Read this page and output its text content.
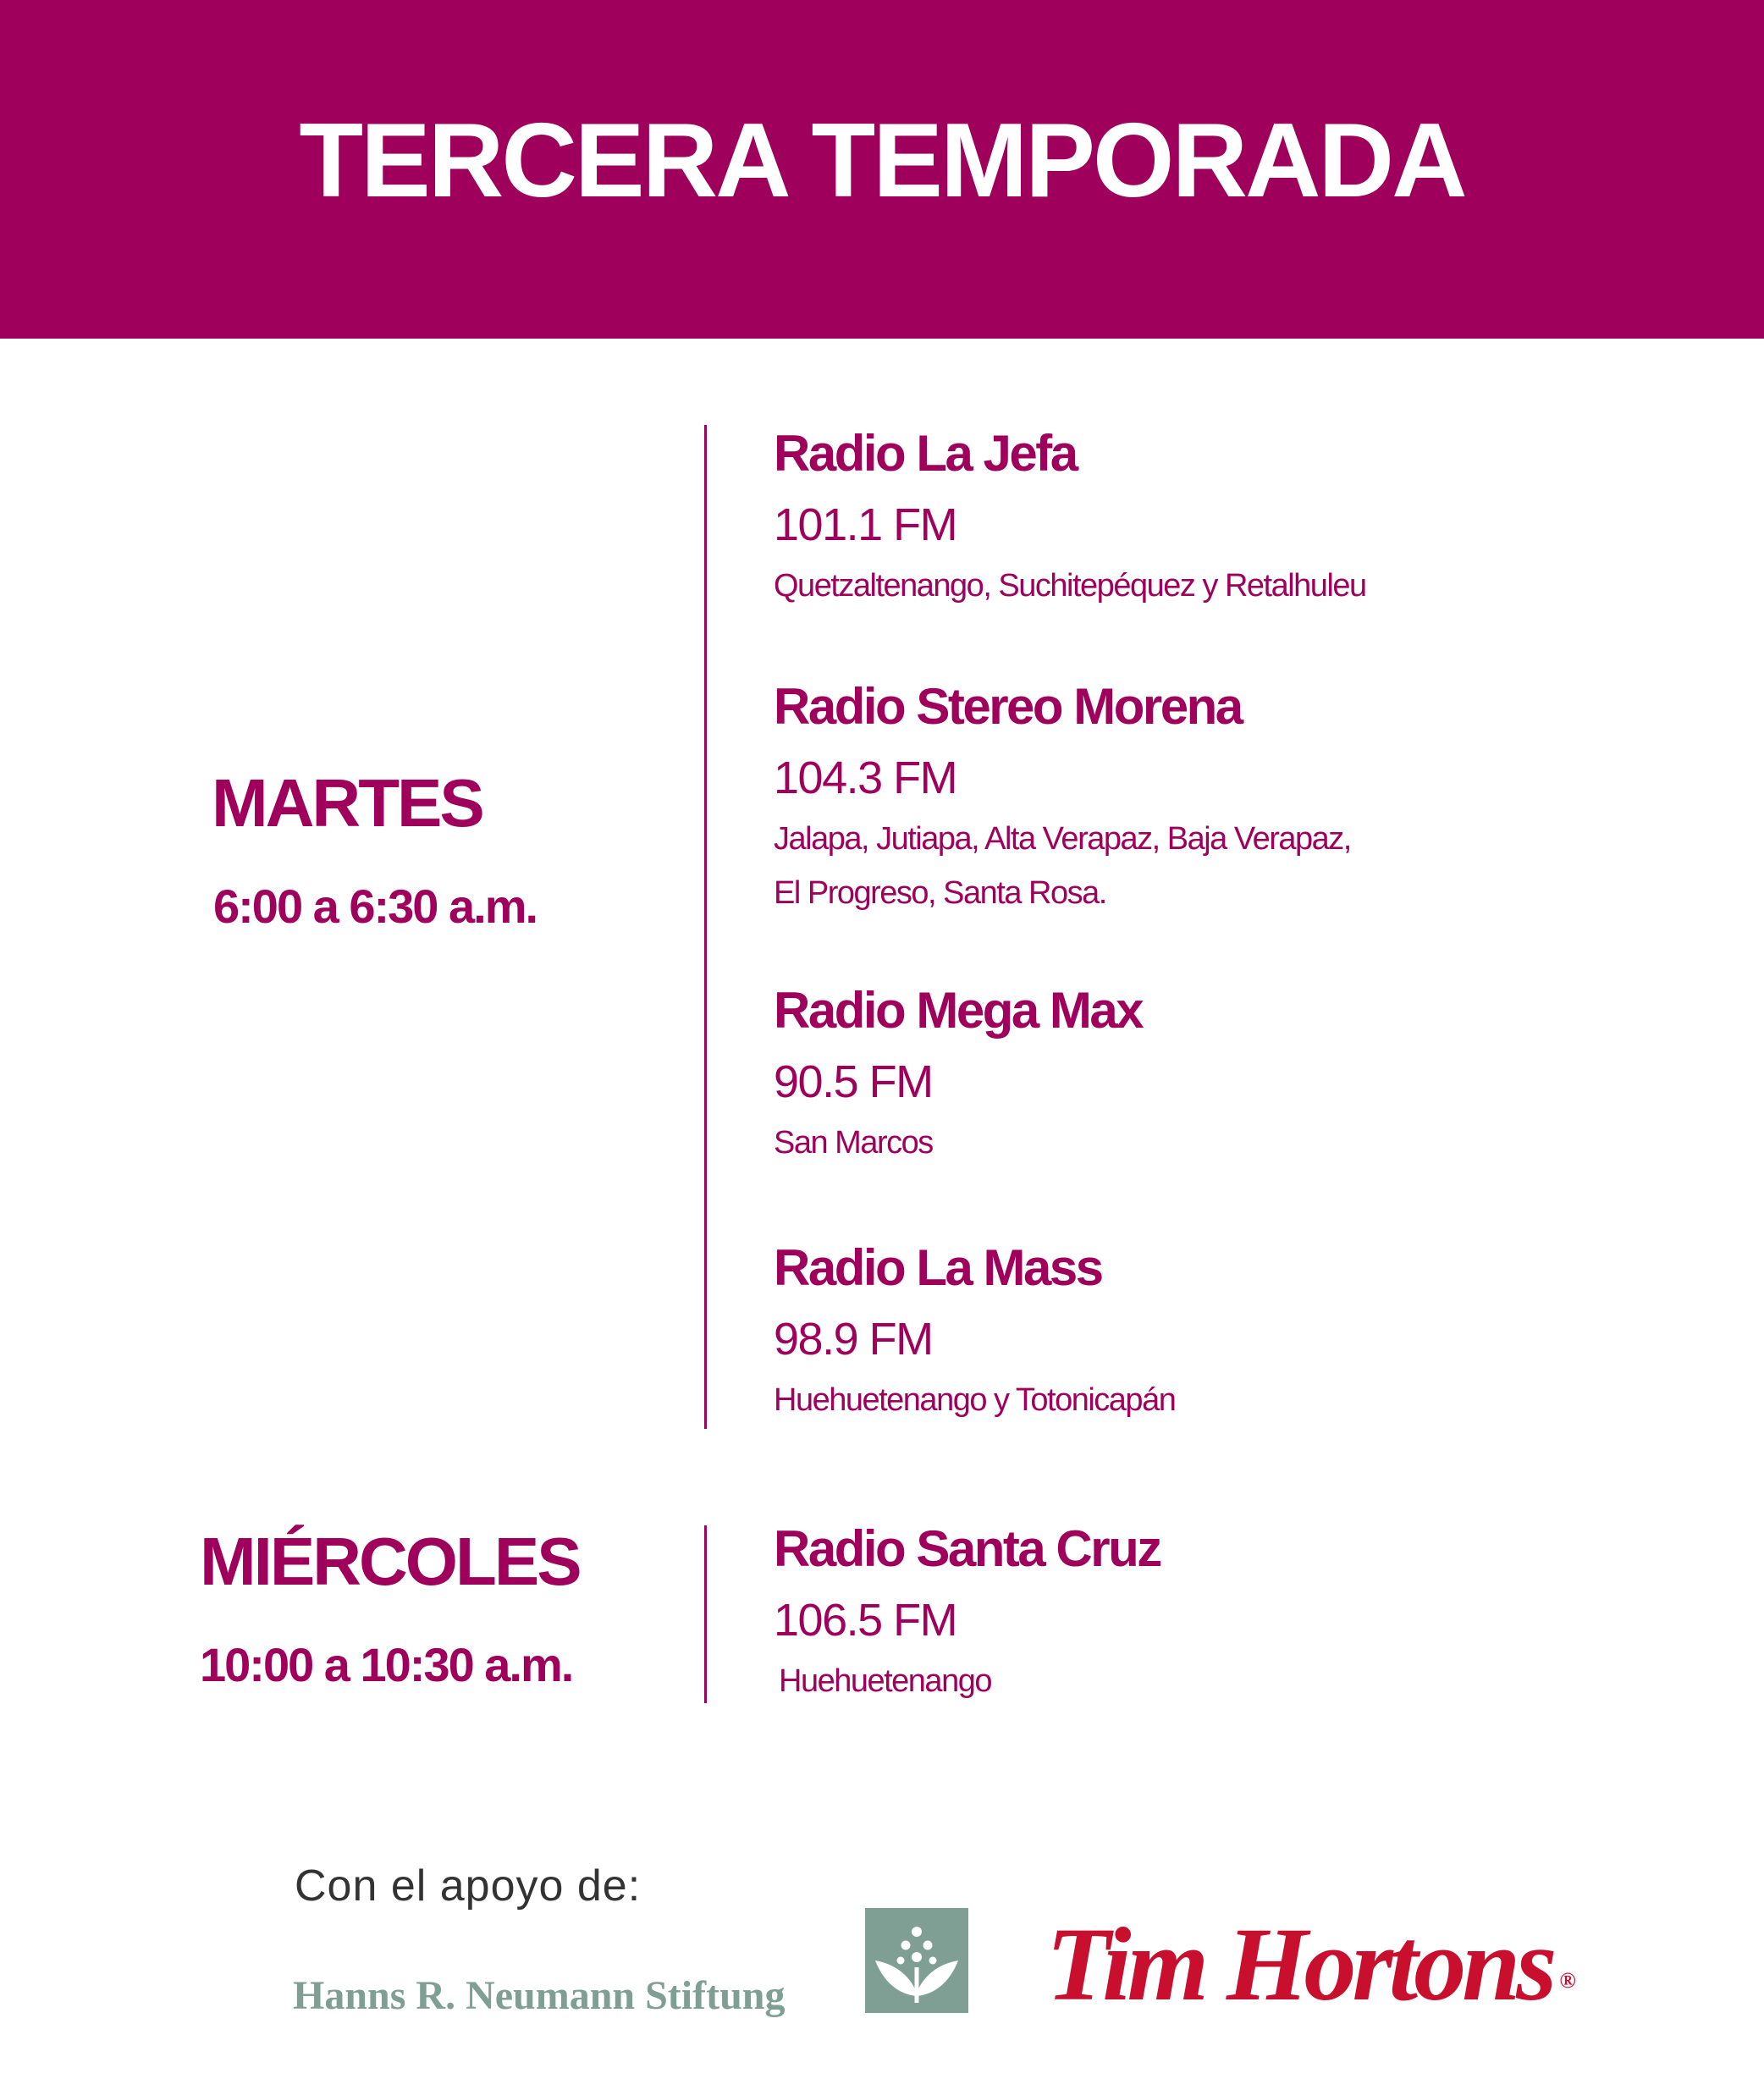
TERCERA TEMPORADA
MARTES
6:00 a 6:30 a.m.
Radio La Jefa
101.1 FM
Quetzaltenango, Suchitepéquez y Retalhuleu
Radio Stereo Morena
104.3 FM
Jalapa, Jutiapa, Alta Verapaz, Baja Verapaz,
El Progreso, Santa Rosa.
Radio Mega Max
90.5 FM
San Marcos
Radio La Mass
98.9 FM
Huehuetenango y Totonicapán
MIÉRCOLES
10:00 a 10:30 a.m.
Radio Santa Cruz
106.5 FM
Huehuetenango
Con el apoyo de:
Hanns R. Neumann Stiftung Tim Hortons ®
